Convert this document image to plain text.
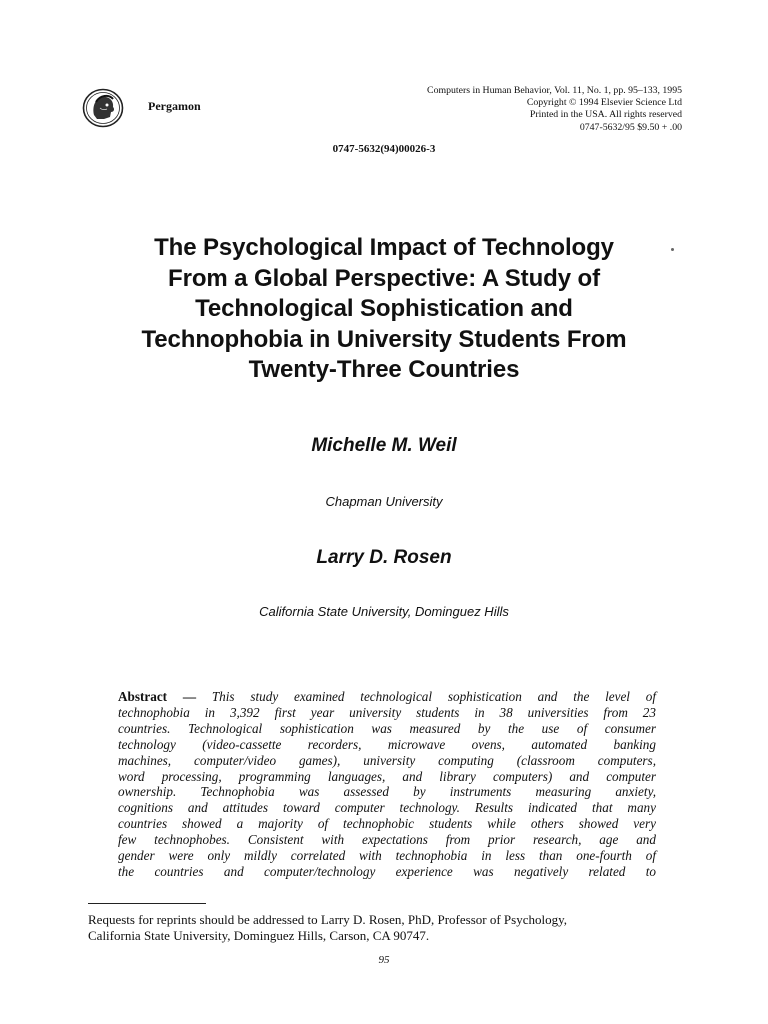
Pergamon
Computers in Human Behavior, Vol. 11, No. 1, pp. 95–133, 1995
Copyright © 1994 Elsevier Science Ltd
Printed in the USA. All rights reserved
0747-5632/95 $9.50 + .00
0747-5632(94)00026-3
The Psychological Impact of Technology
From a Global Perspective: A Study of
Technological Sophistication and
Technophobia in University Students From
Twenty-Three Countries
Michelle M. Weil
Chapman University
Larry D. Rosen
California State University, Dominguez Hills
Abstract — This study examined technological sophistication and the level of
technophobia in 3,392 first year university students in 38 universities from 23
countries. Technological sophistication was measured by the use of consumer
technology (video-cassette recorders, microwave ovens, automated banking
machines, computer/video games), university computing (classroom computers,
word processing, programming languages, and library computers) and computer
ownership. Technophobia was assessed by instruments measuring anxiety,
cognitions and attitudes toward computer technology. Results indicated that many
countries showed a majority of technophobic students while others showed very
few technophobes. Consistent with expectations from prior research, age and
gender were only mildly correlated with technophobia in less than one-fourth of
the countries and computer/technology experience was negatively related to
Requests for reprints should be addressed to Larry D. Rosen, PhD, Professor of Psychology,
California State University, Dominguez Hills, Carson, CA 90747.
95
